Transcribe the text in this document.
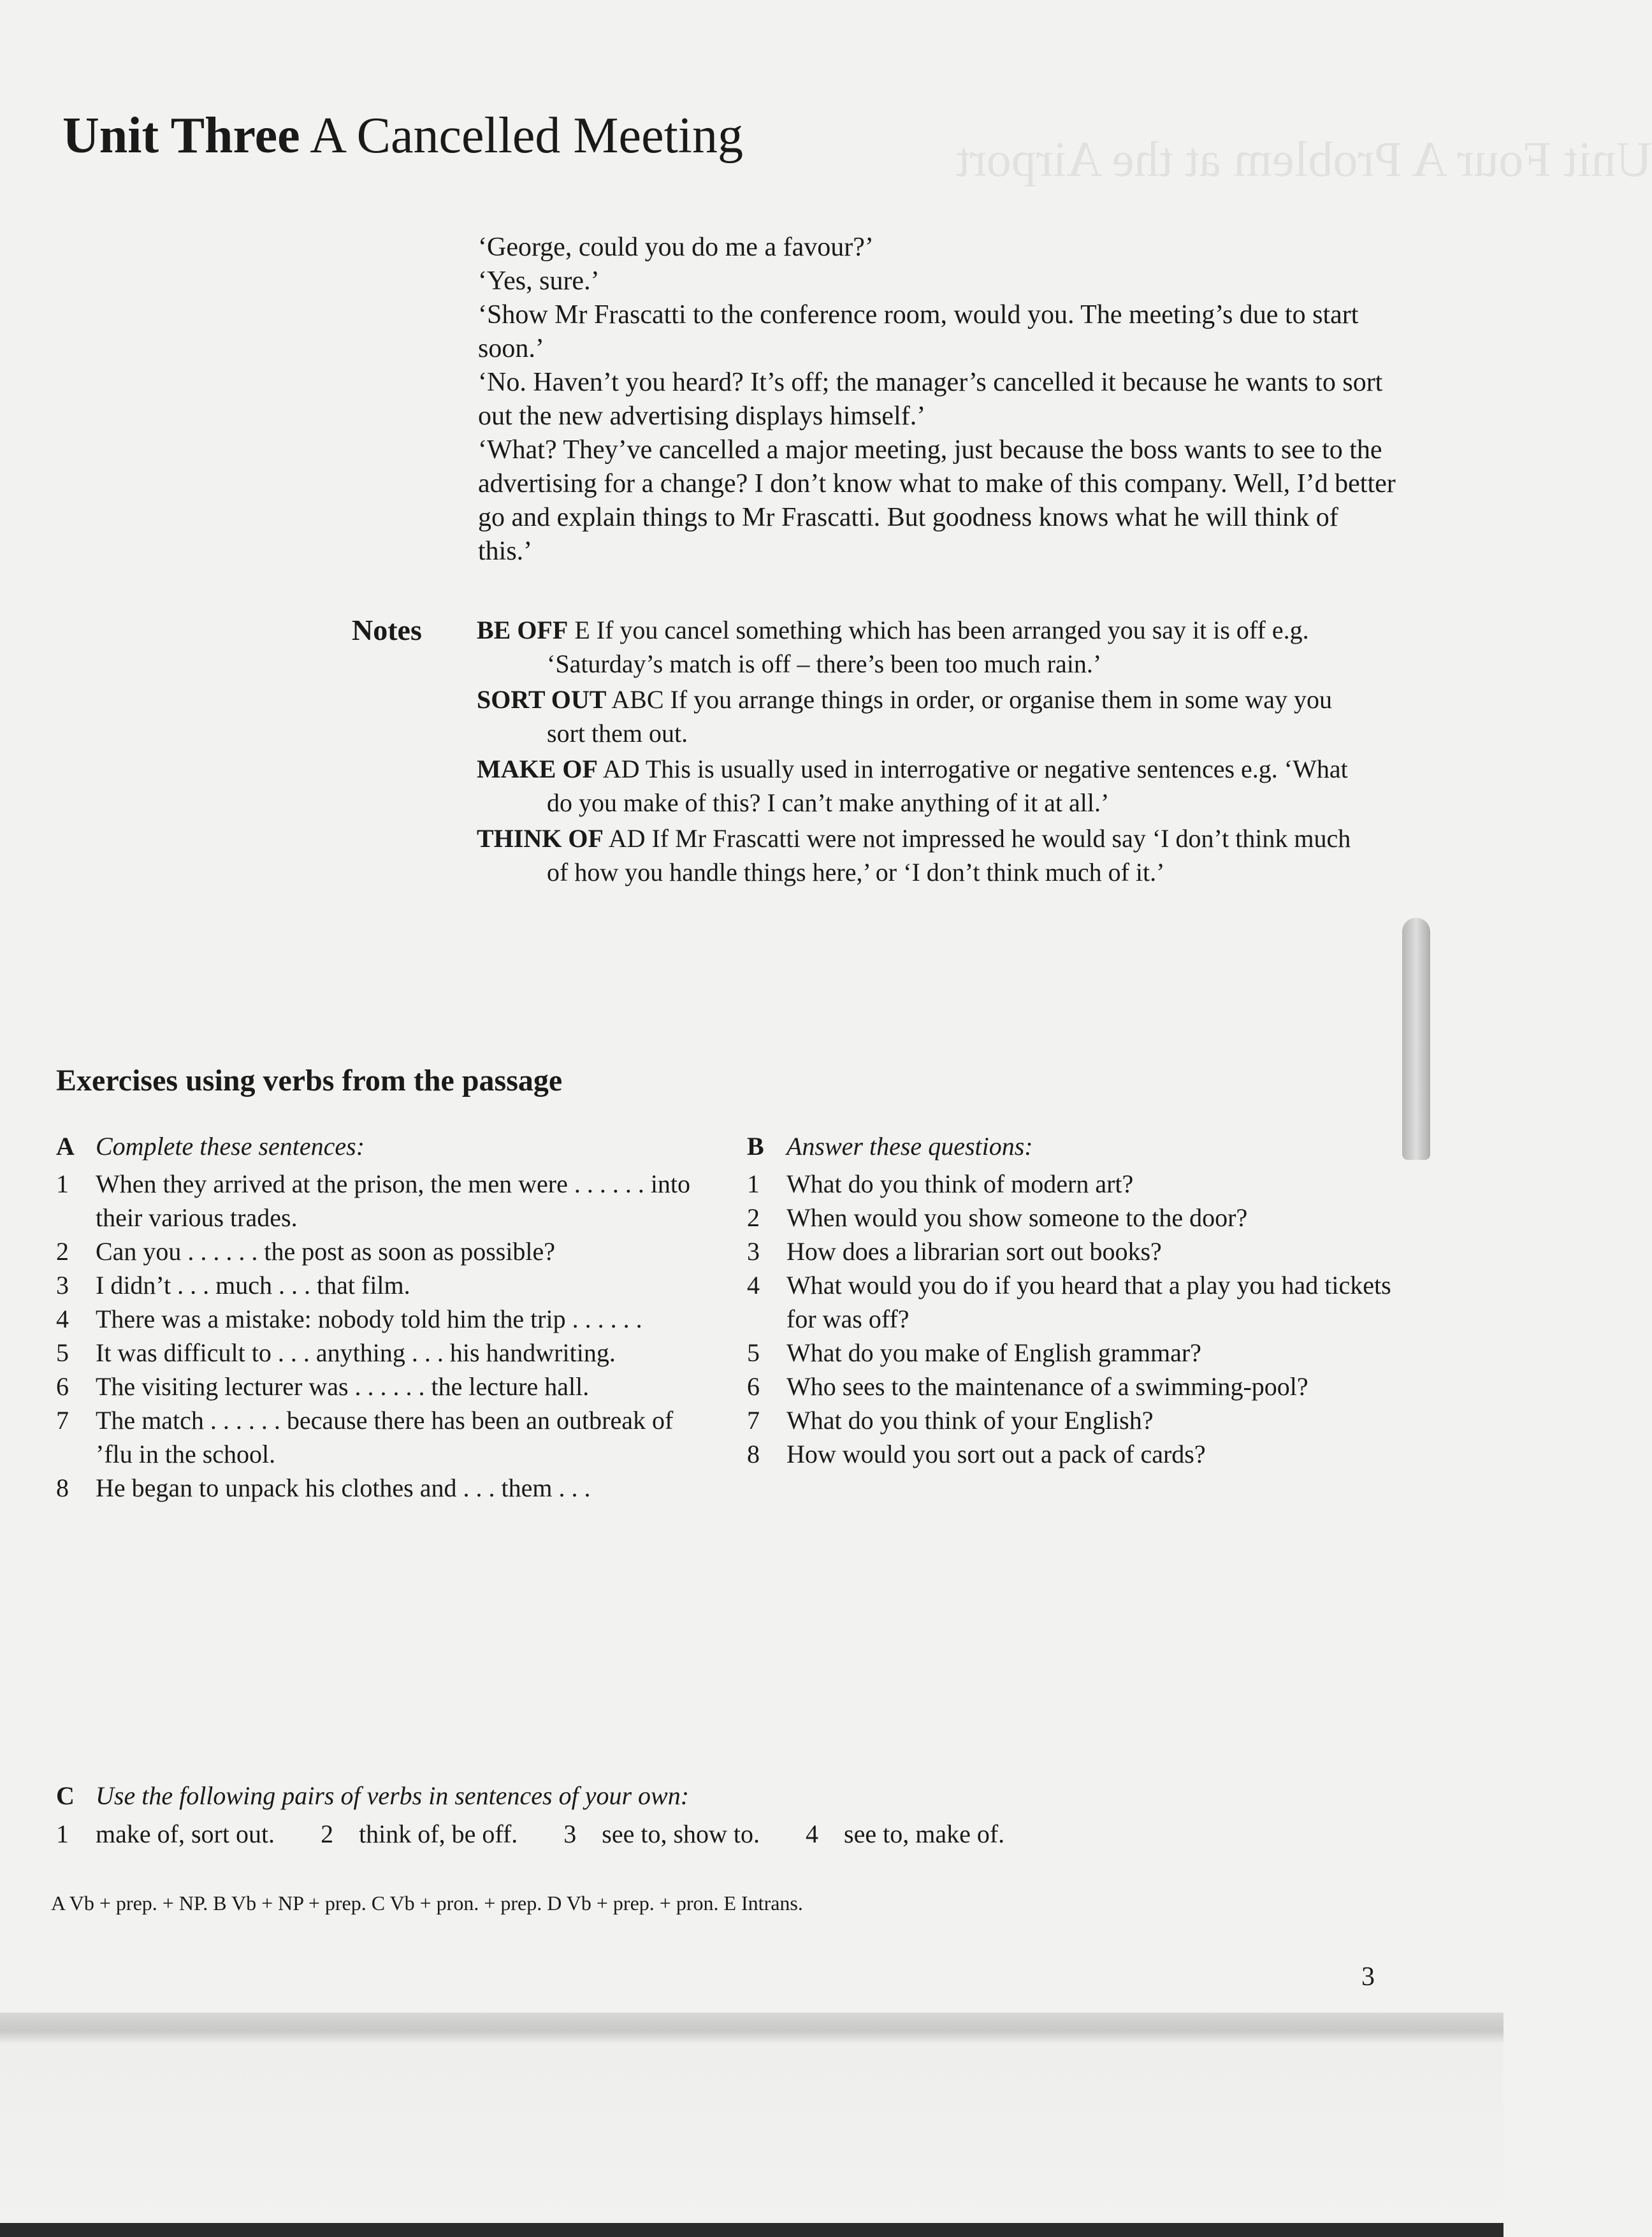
Unit Four A Problem at the Airport
Unit Three A Cancelled Meeting

‘George, could you do me a favour?’

‘Yes, sure.’

‘Show Mr Frascatti to the conference room, would you. The meeting’s due to start soon.’

‘No. Haven’t you heard? It’s off; the manager’s cancelled it because he wants to sort out the new advertising displays himself.’

‘What? They’ve cancelled a major meeting, just because the boss wants to see to the advertising for a change? I don’t know what to make of this company. Well, I’d better go and explain things to Mr Frascatti. But goodness knows what he will think of this.’

Notes BE OFF E If you cancel something which has been arranged you say it is off e.g. ‘Saturday’s match is off – there’s been too much rain.’

SORT OUT ABC If you arrange things in order, or organise them in some way you sort them out.

MAKE OF AD This is usually used in interrogative or negative sentences e.g. ‘What do you make of this? I can’t make anything of it at all.’

THINK OF AD If Mr Frascatti were not impressed he would say ‘I don’t think much of how you handle things here,’ or ‘I don’t think much of it.’

Exercises using verbs from the passage
A Complete these sentences:
1	When they arrived at the prison, the men were . . . . . . into their various trades.
2	Can you . . . . . . the post as soon as possible?
3	I didn’t . . . much . . . that film.
4	There was a mistake: nobody told him the trip . . . . . .
5	It was difficult to . . . anything . . . his handwriting.
6	The visiting lecturer was . . . . . . the lecture hall.
7	The match . . . . . . because there has been an outbreak of ’flu in the school.
8	He began to unpack his clothes and . . . them . . .
B Answer these questions:
1	What do you think of modern art?
2	When would you show someone to the door?
3	How does a librarian sort out books?
4	What would you do if you heard that a play you had tickets for was off?
5	What do you make of English grammar?
6	Who sees to the maintenance of a swimming-pool?
7	What do you think of your English?
8	How would you sort out a pack of cards?
C Use the following pairs of verbs in sentences of your own:
1	make of, sort out. 2	think of, be off. 3	see to, show to. 4	see to, make of.
A Vb + prep. + NP. B Vb + NP + prep. C Vb + pron. + prep. D Vb + prep. + pron. E Intrans.
3
